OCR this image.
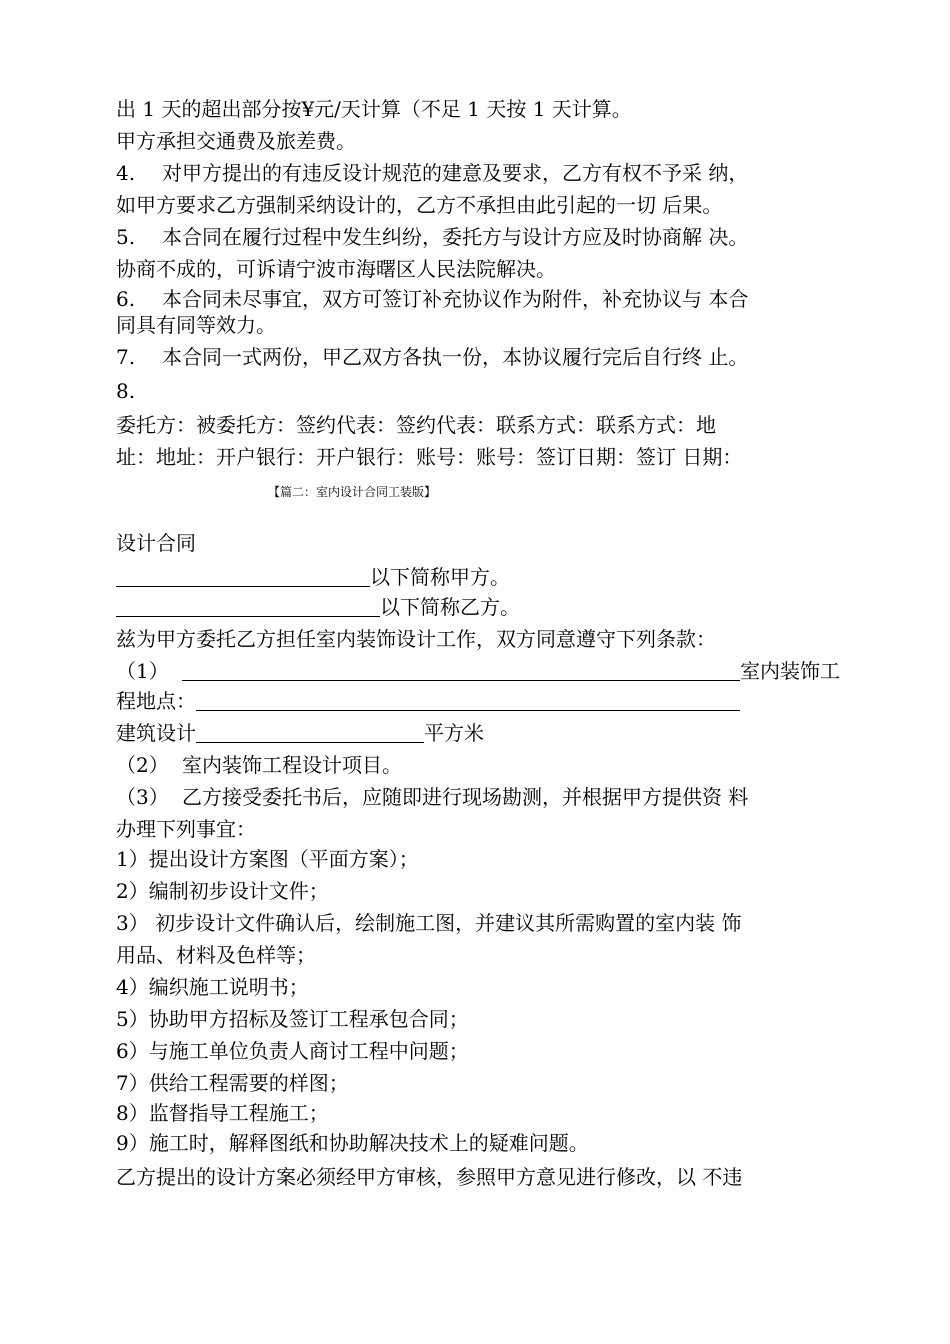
出 1 天的超出部分按¥元/天计算（不足 1 天按 1 天计算。
甲方承担交通费及旅差费。
4. 对甲方提出的有违反设计规范的建意及要求，乙方有权不予采 纳，
如甲方要求乙方强制采纳设计的，乙方不承担由此引起的一切 后果。
5. 本合同在履行过程中发生纠纷，委托方与设计方应及时协商解 决。
协商不成的，可诉请宁波市海曙区人民法院解决。
6. 本合同未尽事宜，双方可签订补充协议作为附件，补充协议与 本合
同具有同等效力。
7. 本合同一式两份，甲乙双方各执一份，本协议履行完后自行终 止。
8.
委托方：被委托方：签约代表：签约代表：联系方式：联系方式：地
址：地址：开户银行：开户银行：账号：账号：签订日期：签订 日期：
【篇二：室内设计合同工装版】
设计合同
以下简称甲方。
以下简称乙方。
兹为甲方委托乙方担任室内装饰设计工作，双方同意遵守下列条款：
（1）	室内装饰工
程地点：
建筑设计	平方米
（2） 室内装饰工程设计项目。
（3） 乙方接受委托书后，应随即进行现场勘测，并根据甲方提供资 料
办理下列事宜：
1）提出设计方案图（平面方案）；
2）编制初步设计文件；
3） 初步设计文件确认后，绘制施工图，并建议其所需购置的室内装 饰
用品、材料及色样等；
4）编织施工说明书；
5）协助甲方招标及签订工程承包合同；
6）与施工单位负责人商讨工程中问题；
7）供给工程需要的样图；
8）监督指导工程施工；
9）施工时，解释图纸和协助解决技术上的疑难问题。
乙方提出的设计方案必须经甲方审核，参照甲方意见进行修改，以 不违
